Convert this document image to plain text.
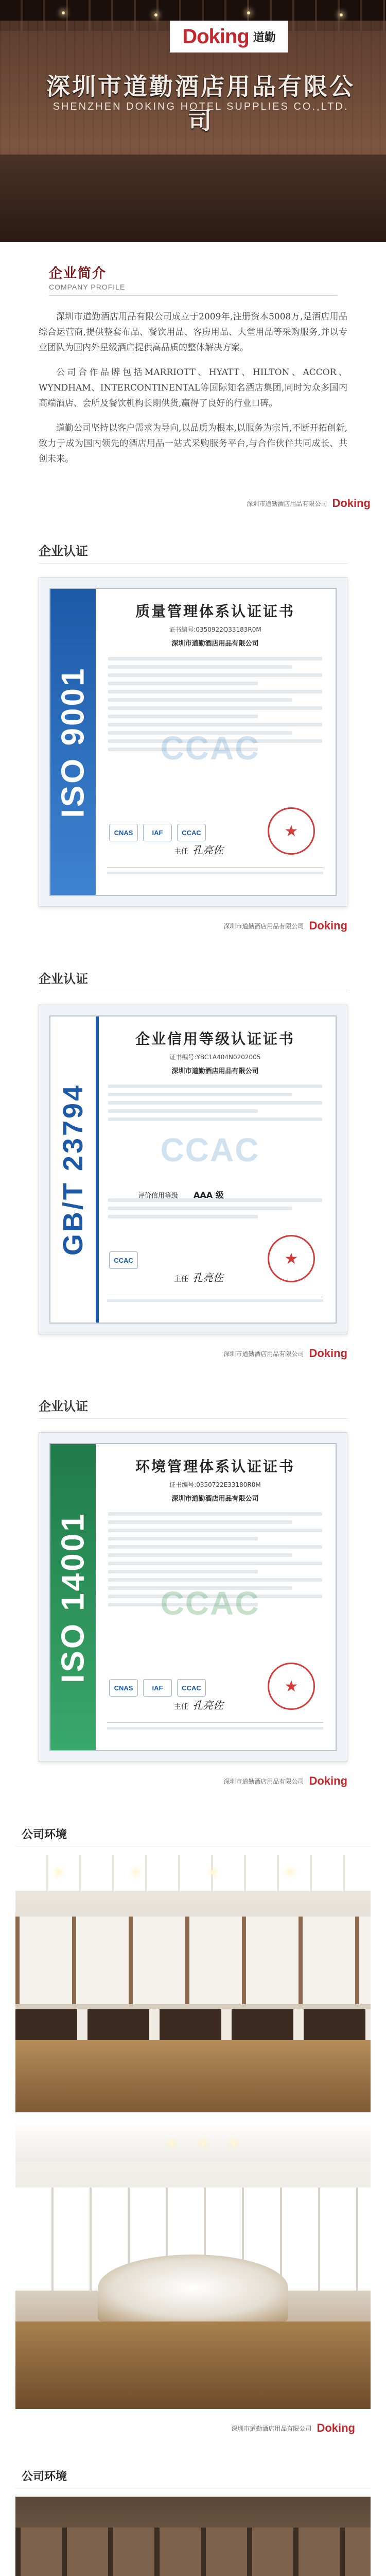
Doking 道勤
深圳市道勤酒店用品有限公司
SHENZHEN DOKING HOTEL SUPPLIES CO.,LTD.
企业简介
COMPANY PROFILE

深圳市道勤酒店用品有限公司成立于2009年,注册资本5008万,是酒店用品综合运营商,提供整套布品、餐饮用品、客房用品、大堂用品等采购服务,并以专业团队为国内外星级酒店提供高品质的整体解决方案。

公司合作品牌包括MARRIOTT、HYATT、HILTON、ACCOR、WYNDHAM、INTERCONTINENTAL等国际知名酒店集团,同时为众多国内高端酒店、会所及餐饮机构长期供货,赢得了良好的行业口碑。

道勤公司坚持以客户需求为导向,以品质为根本,以服务为宗旨,不断开拓创新,致力于成为国内领先的酒店用品一站式采购服务平台,与合作伙伴共同成长、共创未来。

深圳市道勤酒店用品有限公司 Doking
企业认证
ISO 9001
质量管理体系认证证书
证书编号:0350922Q33183R0M
深圳市道勤酒店用品有限公司
CCAC
CNAS	IAF	CCAC
主任 孔亮佐
★
深圳市道勤酒店用品有限公司 Doking
企业认证
GB/T 23794
企业信用等级认证证书
证书编号:YBC1A404N0202005
深圳市道勤酒店用品有限公司
CCAC
评价信用等级 AAA 级
CCAC
主任 孔亮佐
★
深圳市道勤酒店用品有限公司 Doking
企业认证
ISO 14001
环境管理体系认证证书
证书编号:0350722E33180R0M
深圳市道勤酒店用品有限公司
CCAC
CNAS	IAF	CCAC
主任 孔亮佐
★
深圳市道勤酒店用品有限公司 Doking
公司环境
深圳市道勤酒店用品有限公司 Doking
公司环境
